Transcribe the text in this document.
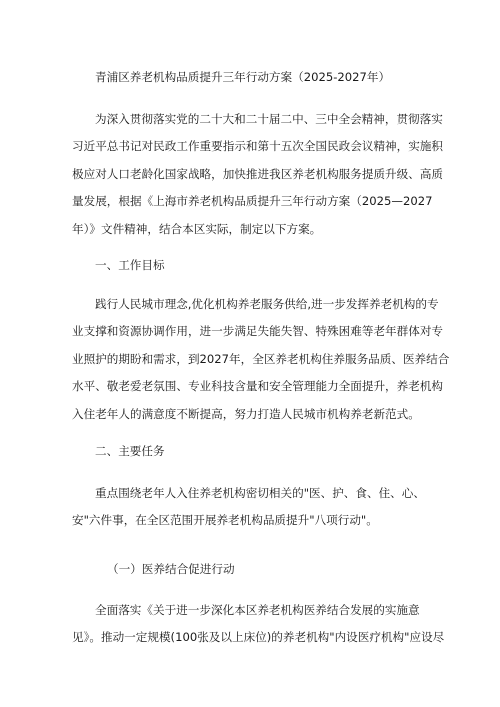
青浦区养老机构品质提升三年行动方案（2025-2027年）

为深入贯彻落实党的二十大和二十届二中、三中全会精神，贯彻落实
习近平总书记对民政工作重要指示和第十五次全国民政会议精神，实施积
极应对人口老龄化国家战略，加快推进我区养老机构服务提质升级、高质
量发展，根据《上海市养老机构品质提升三年行动方案（2025—2027
年）》文件精神，结合本区实际，制定以下方案。

一、工作目标

践行人民城市理念,优化机构养老服务供给,进一步发挥养老机构的专
业支撑和资源协调作用，进一步满足失能失智、特殊困难等老年群体对专
业照护的期盼和需求，到2027年，全区养老机构住养服务品质、医养结合
水平、敬老爱老氛围、专业科技含量和安全管理能力全面提升，养老机构
入住老年人的满意度不断提高，努力打造人民城市机构养老新范式。

二、主要任务

重点围绕老年人入住养老机构密切相关的"医、护、食、住、心、
安"六件事，在全区范围开展养老机构品质提升"八项行动"。

（一）医养结合促进行动

全面落实《关于进一步深化本区养老机构医养结合发展的实施意
见》。推动一定规模(100张及以上床位)的养老机构"内设医疗机构"应设尽
